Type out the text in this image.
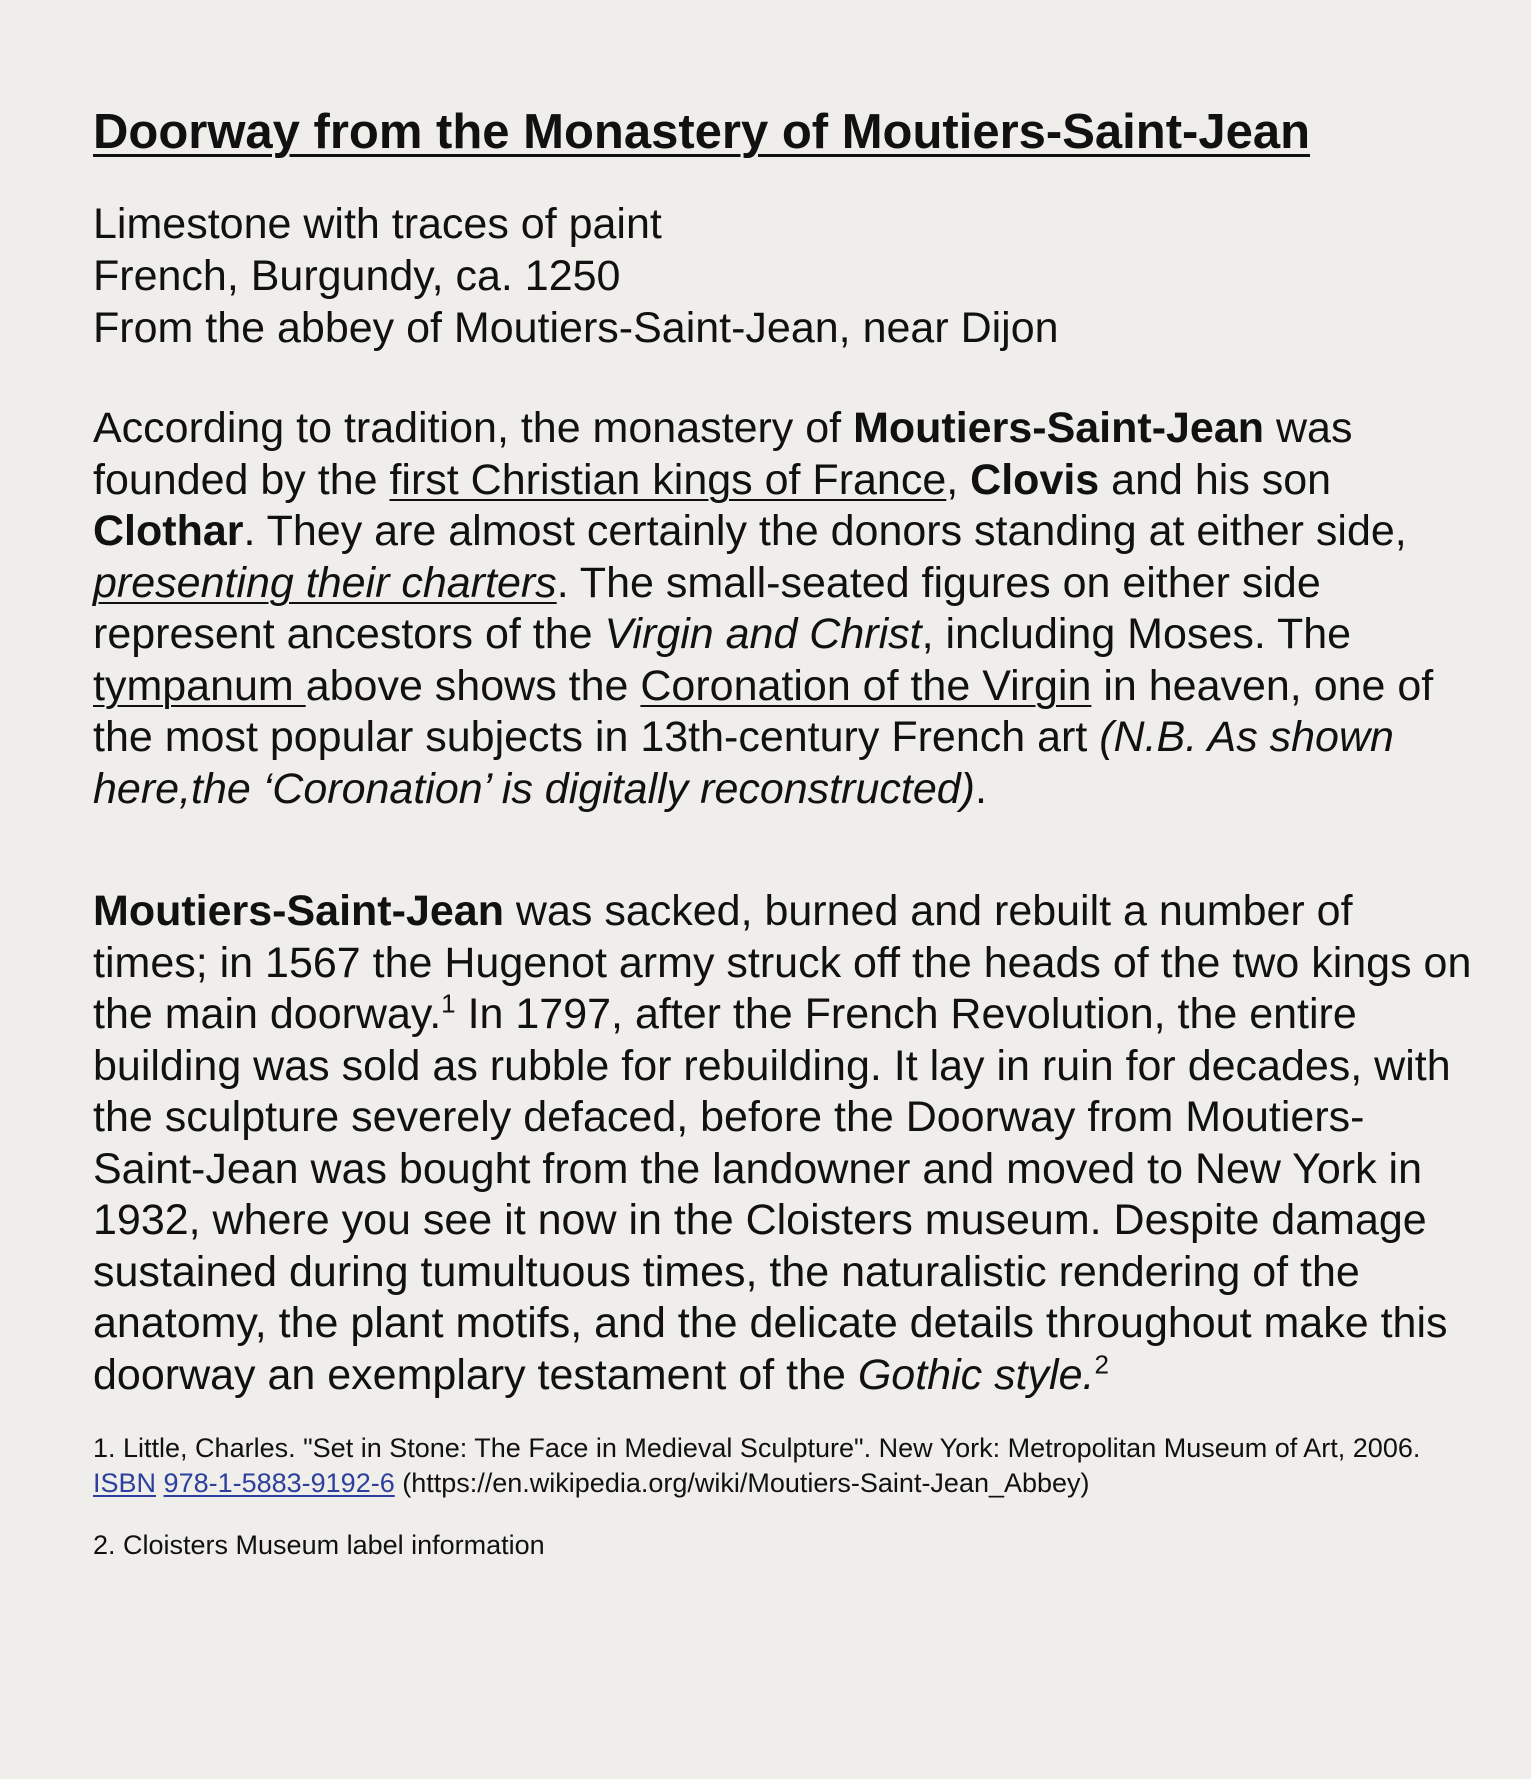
Doorway from the Monastery of Moutiers-Saint-Jean
Limestone with traces of paint
French, Burgundy, ca. 1250
From the abbey of Moutiers-Saint-Jean, near Dijon

According to tradition, the monastery of Moutiers-Saint-Jean was founded by the first Christian kings of France, Clovis and his son Clothar. They are almost certainly the donors standing at either side, presenting their charters. The small-seated figures on either side represent ancestors of the Virgin and Christ, including Moses. The tympanum above shows the Coronation of the Virgin in heaven, one of the most popular subjects in 13th-century French art (N.B. As shown here,the ‘Coronation’ is digitally reconstructed).

Moutiers-Saint-Jean was sacked, burned and rebuilt a number of times; in 1567 the Hugenot army struck off the heads of the two kings on the main doorway.$^1$ In 1797, after the French Revolution, the entire building was sold as rubble for rebuilding. It lay in ruin for decades, with the sculpture severely defaced, before the Doorway from Moutiers-Saint-Jean was bought from the landowner and moved to New York in 1932, where you see it now in the Cloisters museum. Despite damage sustained during tumultuous times, the naturalistic rendering of the anatomy, the plant motifs, and the delicate details throughout make this doorway an exemplary testament of the Gothic style.$^2$

1. Little, Charles. "Set in Stone: The Face in Medieval Sculpture". New York: Metropolitan Museum of Art, 2006. ISBN 978-1-5883-9192-6 (https://en.wikipedia.org/wiki/Moutiers-Saint-Jean_Abbey)
2. Cloisters Museum label information
